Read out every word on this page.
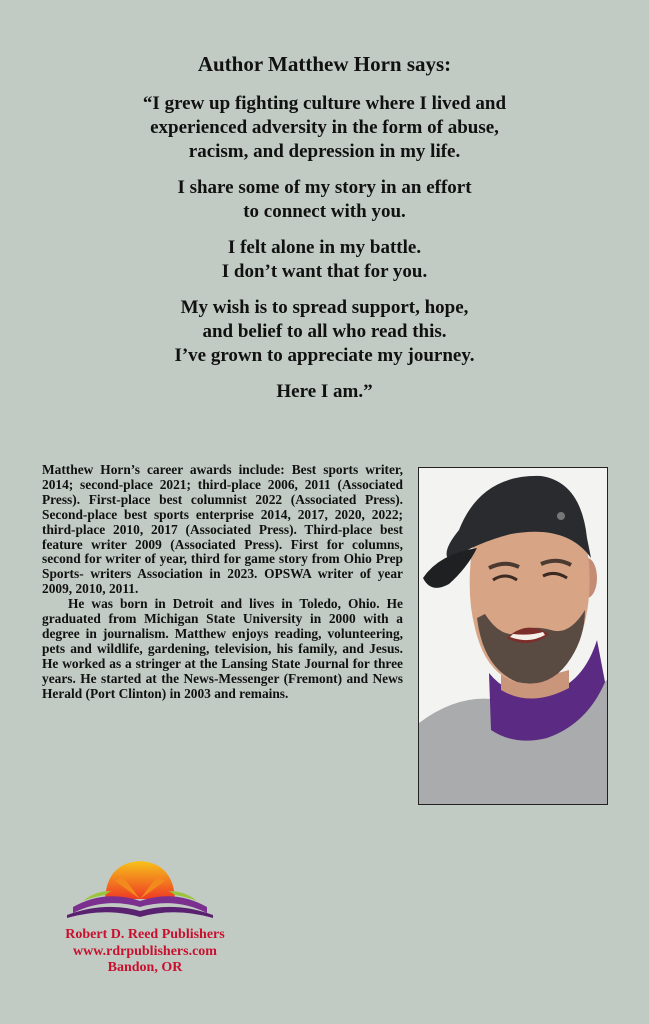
Author Matthew Horn says:

“I grew up fighting culture where I lived and
experienced adversity in the form of abuse,
racism, and depression in my life.

I share some of my story in an effort
to connect with you.

I felt alone in my battle.
I don’t want that for you.

My wish is to spread support, hope,
and belief to all who read this.
I’ve grown to appreciate my journey.

Here I am.”

Matthew Horn’s career awards include: Best sports writer, 2014; second-place 2021; third-place 2006, 2011 (Associated Press). First-place best columnist 2022 (Associated Press). Second-place best sports enterprise 2014, 2017, 2020, 2022; third-place 2010, 2017 (Associated Press). Third-place best feature writer 2009 (Associated Press). First for columns, second for writer of year, third for game story from Ohio Prep Sports- writers Association in 2023. OPSWA writer of year 2009, 2010, 2011.

He was born in Detroit and lives in Toledo, Ohio. He graduated from Michigan State University in 2000 with a degree in journalism. Matthew enjoys reading, volunteering, pets and wildlife, gardening, television, his family, and Jesus. He worked as a stringer at the Lansing State Journal for three years. He started at the News-Messenger (Fremont) and News Herald (Port Clinton) in 2003 and remains.

Robert D. Reed Publishers
www.rdrpublishers.com
Bandon, OR
